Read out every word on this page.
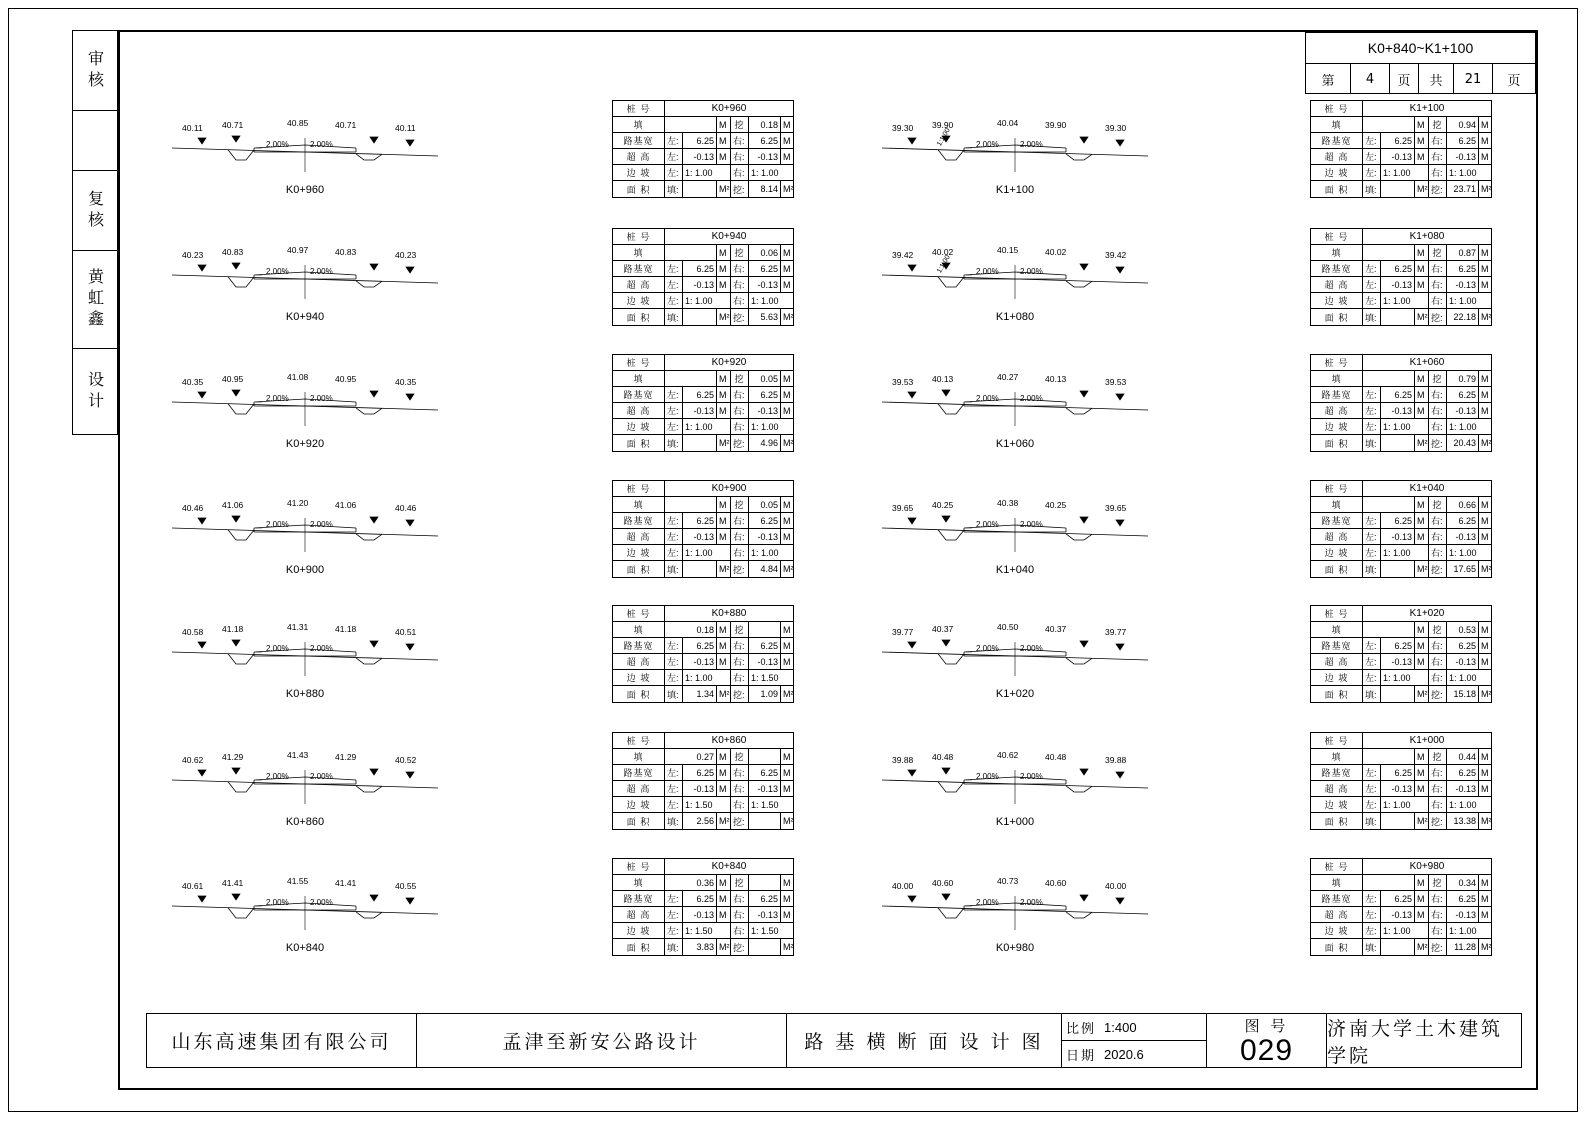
审核
复核
黄虹鑫
设计
K0+840~K1+100
第	4	页	共	21	页
40.11 40.71	40.85	40.71	40.11
2.00%	2.00%
K0+960
40.23 40.83	40.97	40.83	40.23
2.00%	2.00%
K0+940
40.35 40.95	41.08	40.95	40.35
2.00%	2.00%
K0+920
40.46 41.06	41.20	41.06	40.46
2.00%	2.00%
K0+900
40.58 41.18	41.31	41.18	40.51
2.00%	2.00%
K0+880
40.62 41.29	41.43	41.29	40.52
2.00%	2.00%
K0+860
40.61 41.41	41.55	41.41	40.55
2.00%	2.00%
K0+840
39.30 39.90	40.04	39.90	39.30
2.00%	2.00%
1:1.00
K1+100
39.42 40.02	40.15	40.02	39.42
2.00%	2.00%
1:1.00
K1+080
39.53 40.13	40.27	40.13	39.53
2.00%	2.00%
K1+060
39.65 40.25	40.38	40.25	39.65
2.00%	2.00%
K1+040
39.77 40.37	40.50	40.37	39.77
2.00%	2.00%
K1+020
39.88 40.48	40.62	40.48	39.88
2.00%	2.00%
K1+000
40.00 40.60	40.73	40.60	40.00
2.00%	2.00%
K0+980
桩 号	K0+960
填	M 挖	0.18 M
路基宽	左:	6.25 M 右:	6.25 M
超 高	左:	-0.13 M 右:	-0.13 M
边 坡	左: 1: 1.00	右: 1: 1.00
面 积	填:	M² 挖:	8.14 M²
桩 号	K0+940
填	M 挖	0.06 M
路基宽	左:	6.25 M 右:	6.25 M
超 高	左:	-0.13 M 右:	-0.13 M
边 坡	左: 1: 1.00	右: 1: 1.00
面 积	填:	M² 挖:	5.63 M²
桩 号	K0+920
填	M 挖	0.05 M
路基宽	左:	6.25 M 右:	6.25 M
超 高	左:	-0.13 M 右:	-0.13 M
边 坡	左: 1: 1.00	右: 1: 1.00
面 积	填:	M² 挖:	4.96 M²
桩 号	K0+900
填	M 挖	0.05 M
路基宽	左:	6.25 M 右:	6.25 M
超 高	左:	-0.13 M 右:	-0.13 M
边 坡	左: 1: 1.00	右: 1: 1.00
面 积	填:	M² 挖:	4.84 M²
桩 号	K0+880
填	0.18 M 挖	M
路基宽	左:	6.25 M 右:	6.25 M
超 高	左:	-0.13 M 右:	-0.13 M
边 坡	左: 1: 1.00	右: 1: 1.50
面 积	填:	1.34 M² 挖:	1.09 M²
桩 号	K0+860
填	0.27 M 挖	M
路基宽	左:	6.25 M 右:	6.25 M
超 高	左:	-0.13 M 右:	-0.13 M
边 坡	左: 1: 1.50	右: 1: 1.50
面 积	填:	2.56 M² 挖:	M²
桩 号	K0+840
填	0.36 M 挖	M
路基宽	左:	6.25 M 右:	6.25 M
超 高	左:	-0.13 M 右:	-0.13 M
边 坡	左: 1: 1.50	右: 1: 1.50
面 积	填:	3.83 M² 挖:	M²
桩 号	K1+100
填	M 挖	0.94 M
路基宽	左:	6.25 M 右:	6.25 M
超 高	左:	-0.13 M 右:	-0.13 M
边 坡	左: 1: 1.00	右: 1: 1.00
面 积	填:	M² 挖:	23.71 M²
桩 号	K1+080
填	M 挖	0.87 M
路基宽	左:	6.25 M 右:	6.25 M
超 高	左:	-0.13 M 右:	-0.13 M
边 坡	左: 1: 1.00	右: 1: 1.00
面 积	填:	M² 挖:	22.18 M²
桩 号	K1+060
填	M 挖	0.79 M
路基宽	左:	6.25 M 右:	6.25 M
超 高	左:	-0.13 M 右:	-0.13 M
边 坡	左: 1: 1.00	右: 1: 1.00
面 积	填:	M² 挖:	20.43 M²
桩 号	K1+040
填	M 挖	0.66 M
路基宽	左:	6.25 M 右:	6.25 M
超 高	左:	-0.13 M 右:	-0.13 M
边 坡	左: 1: 1.00	右: 1: 1.00
面 积	填:	M² 挖:	17.65 M²
桩 号	K1+020
填	M 挖	0.53 M
路基宽	左:	6.25 M 右:	6.25 M
超 高	左:	-0.13 M 右:	-0.13 M
边 坡	左: 1: 1.00	右: 1: 1.00
面 积	填:	M² 挖:	15.18 M²
桩 号	K1+000
填	M 挖	0.44 M
路基宽	左:	6.25 M 右:	6.25 M
超 高	左:	-0.13 M 右:	-0.13 M
边 坡	左: 1: 1.00	右: 1: 1.00
面 积	填:	M² 挖:	13.38 M²
桩 号	K0+980
填	M 挖	0.34 M
路基宽	左:	6.25 M 右:	6.25 M
超 高	左:	-0.13 M 右:	-0.13 M
边 坡	左: 1: 1.00	右: 1: 1.00
面 积	填:	M² 挖:	11.28 M²
山东高速集团有限公司	孟津至新安公路设计	路 基 横 断 面 设 计 图
比例 1:400
日期 2020.6
图 号
029
济南大学土木建筑学院
